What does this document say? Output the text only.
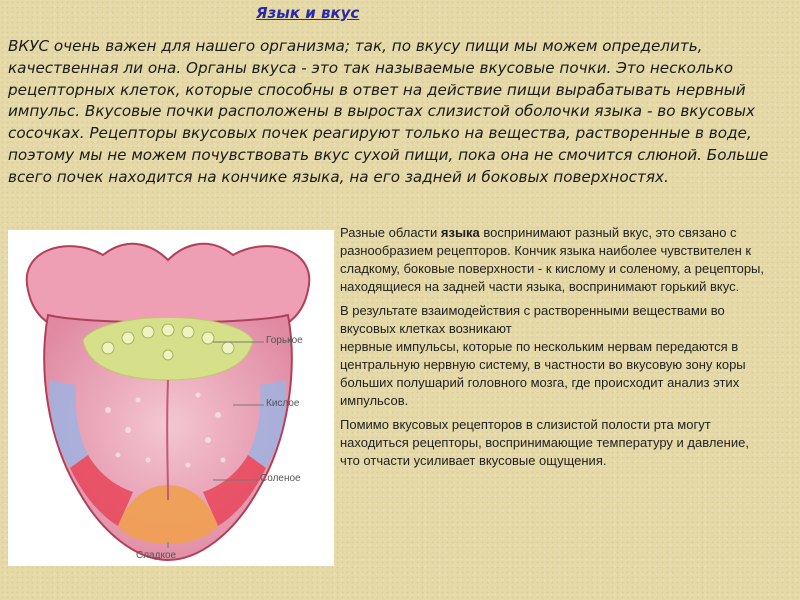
Язык и вкус

ВКУС очень важен для нашего организма; так, по вкусу пищи мы можем определить, качественная ли она. Органы вкуса - это так называемые вкусовые почки. Это несколько рецепторных клеток, которые способны в ответ на действие пищи вырабатывать нервный импульс. Вкусовые почки расположены в выростах слизистой оболочки языка - во вкусовых сосочках. Рецепторы вкусовых почек реагируют только на вещества, растворенные в воде, поэтому мы не можем почувствовать вкус сухой пищи, пока она не смочится слюной. Больше всего почек находится на кончике языка, на его задней и боковых поверхностях.

Горькое
Кислое
Соленое
Сладкое

Разные области языка воспринимают разный вкус, это связано с разнообразием рецепторов. Кончик языка наиболее чувствителен к сладкому, боковые поверхности - к кислому и соленому, а рецепторы, находящиеся на задней части языка, воспринимают горький вкус.

В результате взаимодействия с растворенными веществами во вкусовых клетках возникают

нервные импульсы, которые по нескольким нервам передаются в центральную нервную систему, в частности во вкусовую зону коры больших полушарий головного мозга, где происходит анализ этих импульсов.

Помимо вкусовых рецепторов в слизистой полости рта могут находиться рецепторы, воспринимающие температуру и давление, что отчасти усиливает вкусовые ощущения.
